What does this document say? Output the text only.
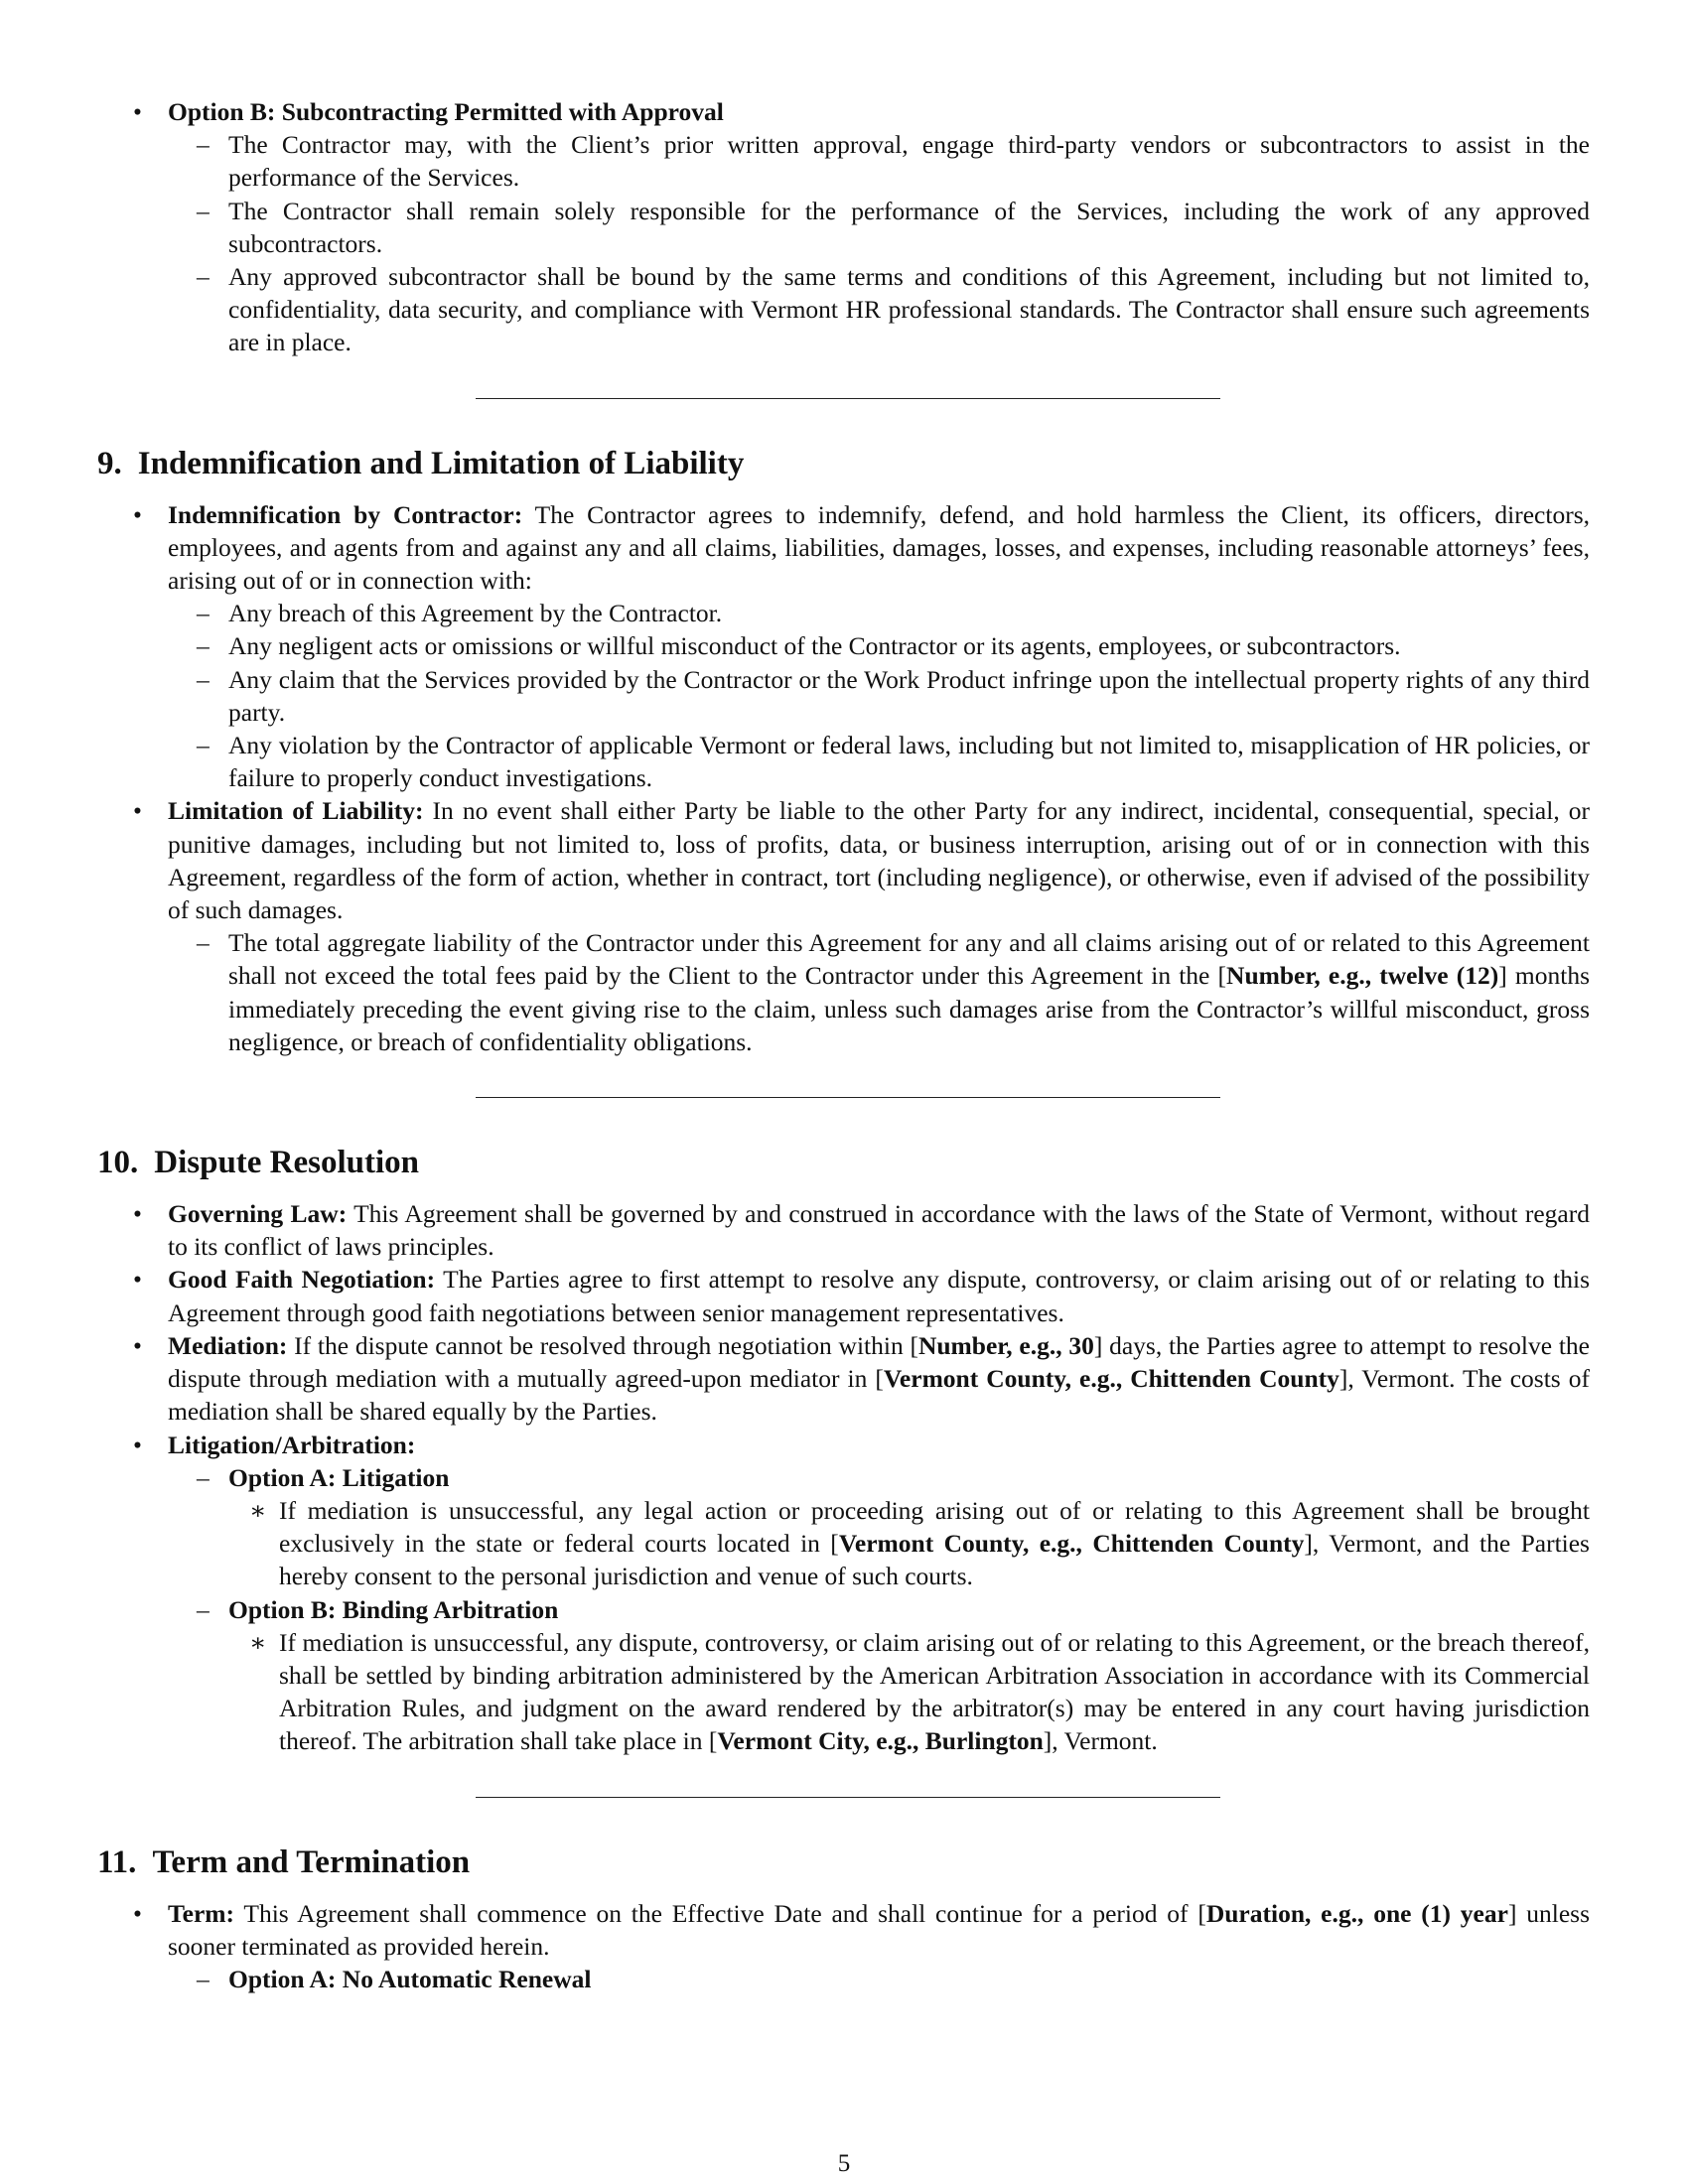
• Option B: Subcontracting Permitted with Approval
– The Contractor may, with the Client’s prior written approval, engage third-party vendors or subcontractors to assist in the performance of the Services.
– The Contractor shall remain solely responsible for the performance of the Services, including the work of any approved subcontractors.
– Any approved subcontractor shall be bound by the same terms and conditions of this Agreement, including but not limited to, confidentiality, data security, and compliance with Vermont HR professional standards. The Contractor shall ensure such agreements are in place.
9. Indemnification and Limitation of Liability
• Indemnification by Contractor: The Contractor agrees to indemnify, defend, and hold harmless the Client, its officers, directors, employees, and agents from and against any and all claims, liabilities, damages, losses, and expenses, including reasonable attorneys’ fees, arising out of or in connection with:
– Any breach of this Agreement by the Contractor.
– Any negligent acts or omissions or willful misconduct of the Contractor or its agents, employees, or subcontractors.
– Any claim that the Services provided by the Contractor or the Work Product infringe upon the intellectual property rights of any third party.
– Any violation by the Contractor of applicable Vermont or federal laws, including but not limited to, misapplication of HR policies, or failure to properly conduct investigations.
• Limitation of Liability: In no event shall either Party be liable to the other Party for any indirect, incidental, consequential, special, or punitive damages, including but not limited to, loss of profits, data, or business interruption, arising out of or in connection with this Agreement, regardless of the form of action, whether in contract, tort (including negligence), or otherwise, even if advised of the possibility of such damages.
– The total aggregate liability of the Contractor under this Agreement for any and all claims arising out of or related to this Agreement shall not exceed the total fees paid by the Client to the Contractor under this Agreement in the [Number, e.g., twelve (12)] months immediately preceding the event giving rise to the claim, unless such damages arise from the Contractor’s willful misconduct, gross negligence, or breach of confidentiality obligations.
10. Dispute Resolution
• Governing Law: This Agreement shall be governed by and construed in accordance with the laws of the State of Vermont, without regard to its conflict of laws principles.
• Good Faith Negotiation: The Parties agree to first attempt to resolve any dispute, controversy, or claim arising out of or relating to this Agreement through good faith negotiations between senior management representatives.
• Mediation: If the dispute cannot be resolved through negotiation within [Number, e.g., 30] days, the Parties agree to attempt to resolve the dispute through mediation with a mutually agreed-upon mediator in [Vermont County, e.g., Chittenden County], Vermont. The costs of mediation shall be shared equally by the Parties.
• Litigation/Arbitration:
– Option A: Litigation
∗ If mediation is unsuccessful, any legal action or proceeding arising out of or relating to this Agreement shall be brought exclusively in the state or federal courts located in [Vermont County, e.g., Chittenden County], Vermont, and the Parties hereby consent to the personal jurisdiction and venue of such courts.
– Option B: Binding Arbitration
∗ If mediation is unsuccessful, any dispute, controversy, or claim arising out of or relating to this Agreement, or the breach thereof, shall be settled by binding arbitration administered by the American Arbitration Association in accordance with its Commercial Arbitration Rules, and judgment on the award rendered by the arbitrator(s) may be entered in any court having jurisdiction thereof. The arbitration shall take place in [Vermont City, e.g., Burlington], Vermont.
11. Term and Termination
• Term: This Agreement shall commence on the Effective Date and shall continue for a period of [Duration, e.g., one (1) year] unless sooner terminated as provided herein.
– Option A: No Automatic Renewal
5
